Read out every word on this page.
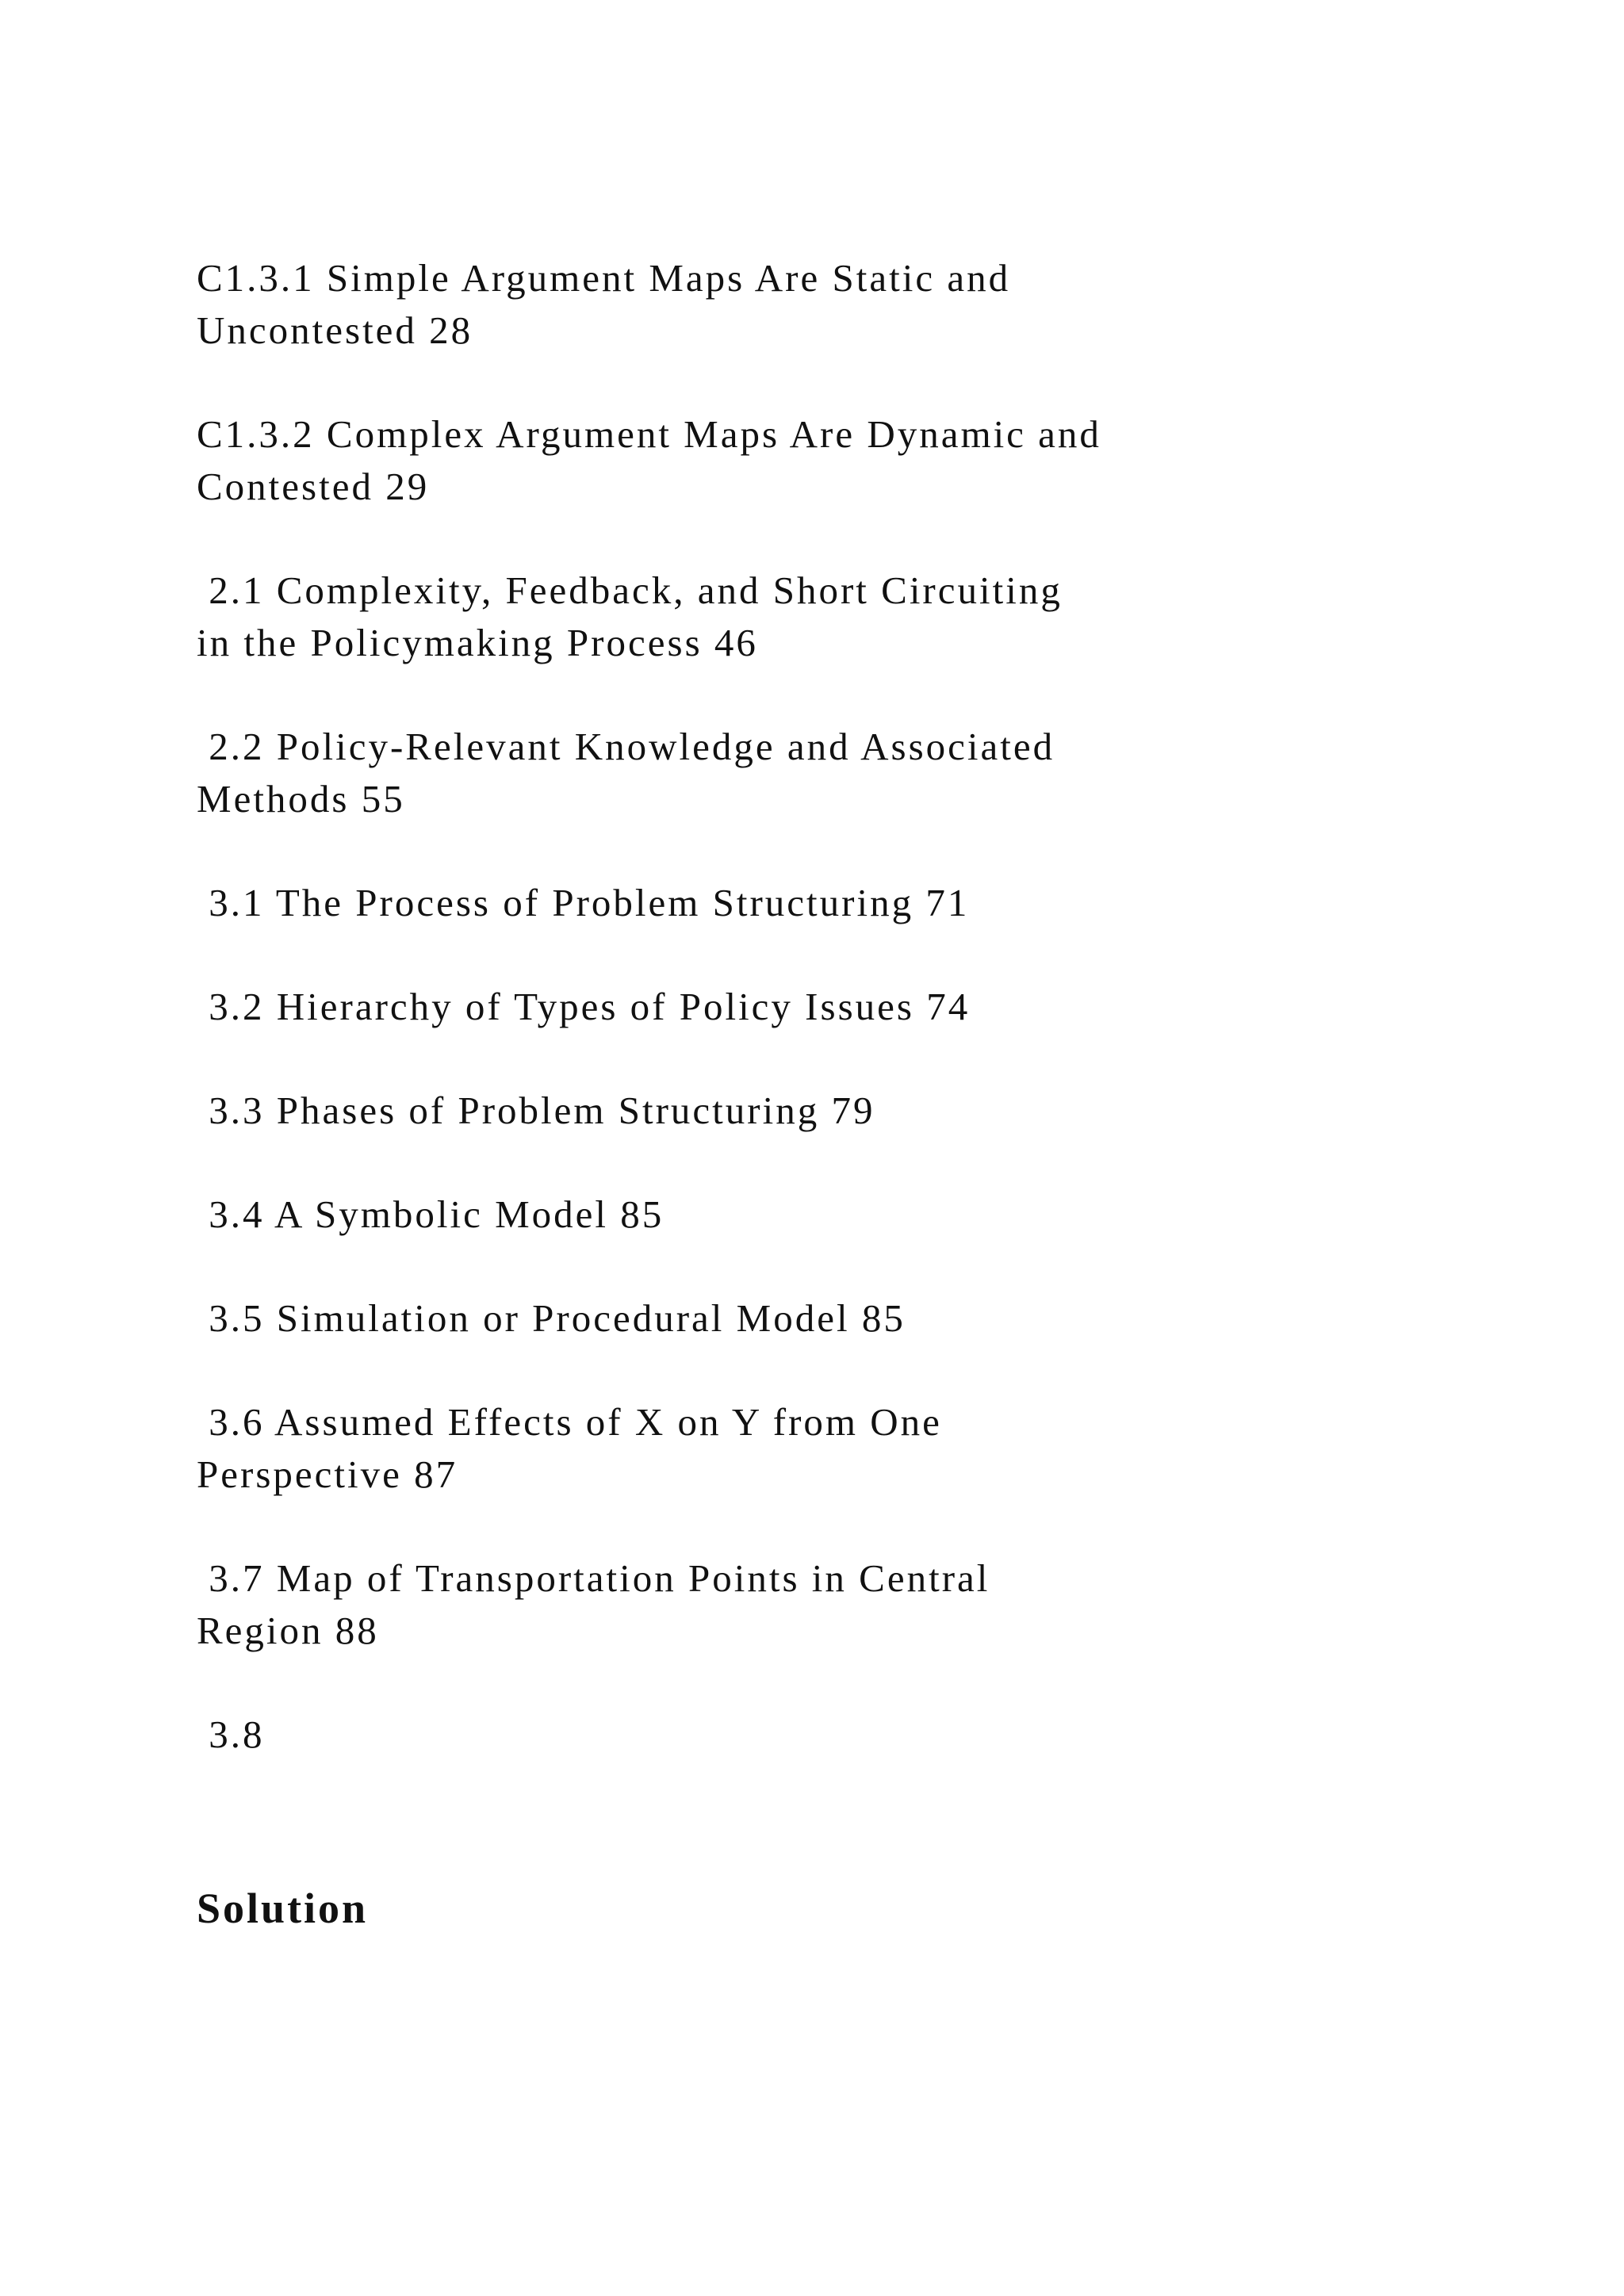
C1.3.1 Simple Argument Maps Are Static and
Uncontested 28
C1.3.2 Complex Argument Maps Are Dynamic and
Contested 29
2.1 Complexity, Feedback, and Short Circuiting
in the Policymaking Process 46
2.2 Policy-Relevant Knowledge and Associated
Methods 55
3.1 The Process of Problem Structuring 71
3.2 Hierarchy of Types of Policy Issues 74
3.3 Phases of Problem Structuring 79
3.4 A Symbolic Model 85
3.5 Simulation or Procedural Model 85
3.6 Assumed Effects of X on Y from One
Perspective 87
3.7 Map of Transportation Points in Central
Region 88
3.8
Solution
